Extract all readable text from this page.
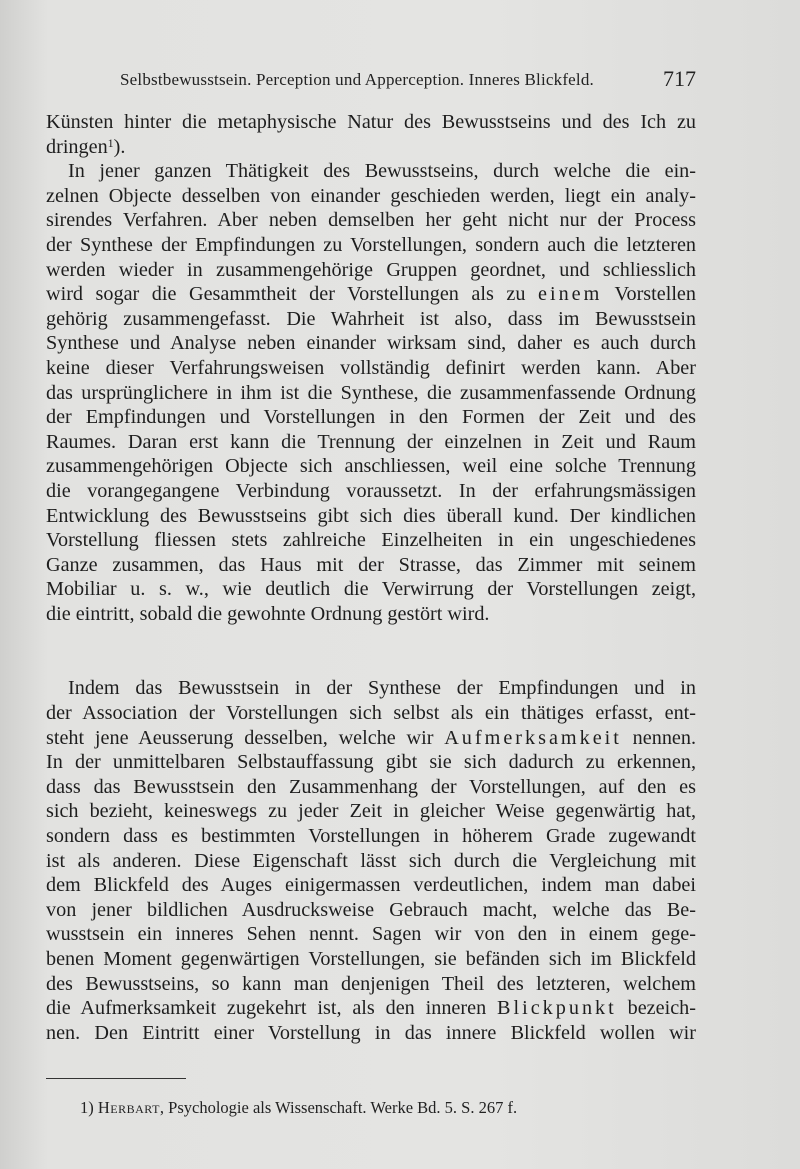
Selbstbewusstsein. Perception und Apperception. Inneres Blickfeld.	717

Künsten hinter die metaphysische Natur des Bewusstseins und des Ich zu
dringen$^1$).

In jener ganzen Thätigkeit des Bewusstseins, durch welche die ein-
zelnen Objecte desselben von einander geschieden werden, liegt ein analy-
sirendes Verfahren. Aber neben demselben her geht nicht nur der Process
der Synthese der Empfindungen zu Vorstellungen, sondern auch die letzteren
werden wieder in zusammengehörige Gruppen geordnet, und schliesslich
wird sogar die Gesammtheit der Vorstellungen als zu einem Vorstellen
gehörig zusammengefasst. Die Wahrheit ist also, dass im Bewusstsein
Synthese und Analyse neben einander wirksam sind, daher es auch durch
keine dieser Verfahrungsweisen vollständig definirt werden kann. Aber
das ursprünglichere in ihm ist die Synthese, die zusammenfassende Ordnung
der Empfindungen und Vorstellungen in den Formen der Zeit und des
Raumes. Daran erst kann die Trennung der einzelnen in Zeit und Raum
zusammengehörigen Objecte sich anschliessen, weil eine solche Trennung
die vorangegangene Verbindung voraussetzt. In der erfahrungsmässigen
Entwicklung des Bewusstseins gibt sich dies überall kund. Der kindlichen
Vorstellung fliessen stets zahlreiche Einzelheiten in ein ungeschiedenes
Ganze zusammen, das Haus mit der Strasse, das Zimmer mit seinem
Mobiliar u. s. w., wie deutlich die Verwirrung der Vorstellungen zeigt,
die eintritt, sobald die gewohnte Ordnung gestört wird.

Indem das Bewusstsein in der Synthese der Empfindungen und in
der Association der Vorstellungen sich selbst als ein thätiges erfasst, ent-
steht jene Aeusserung desselben, welche wir Aufmerksamkeit nennen.
In der unmittelbaren Selbstauffassung gibt sie sich dadurch zu erkennen,
dass das Bewusstsein den Zusammenhang der Vorstellungen, auf den es
sich bezieht, keineswegs zu jeder Zeit in gleicher Weise gegenwärtig hat,
sondern dass es bestimmten Vorstellungen in höherem Grade zugewandt
ist als anderen. Diese Eigenschaft lässt sich durch die Vergleichung mit
dem Blickfeld des Auges einigermassen verdeutlichen, indem man dabei
von jener bildlichen Ausdrucksweise Gebrauch macht, welche das Be-
wusstsein ein inneres Sehen nennt. Sagen wir von den in einem gege-
benen Moment gegenwärtigen Vorstellungen, sie befänden sich im Blickfeld
des Bewusstseins, so kann man denjenigen Theil des letzteren, welchem
die Aufmerksamkeit zugekehrt ist, als den inneren Blickpunkt bezeich-
nen. Den Eintritt einer Vorstellung in das innere Blickfeld wollen wir

1) Herbart, Psychologie als Wissenschaft. Werke Bd. 5. S. 267 f.
